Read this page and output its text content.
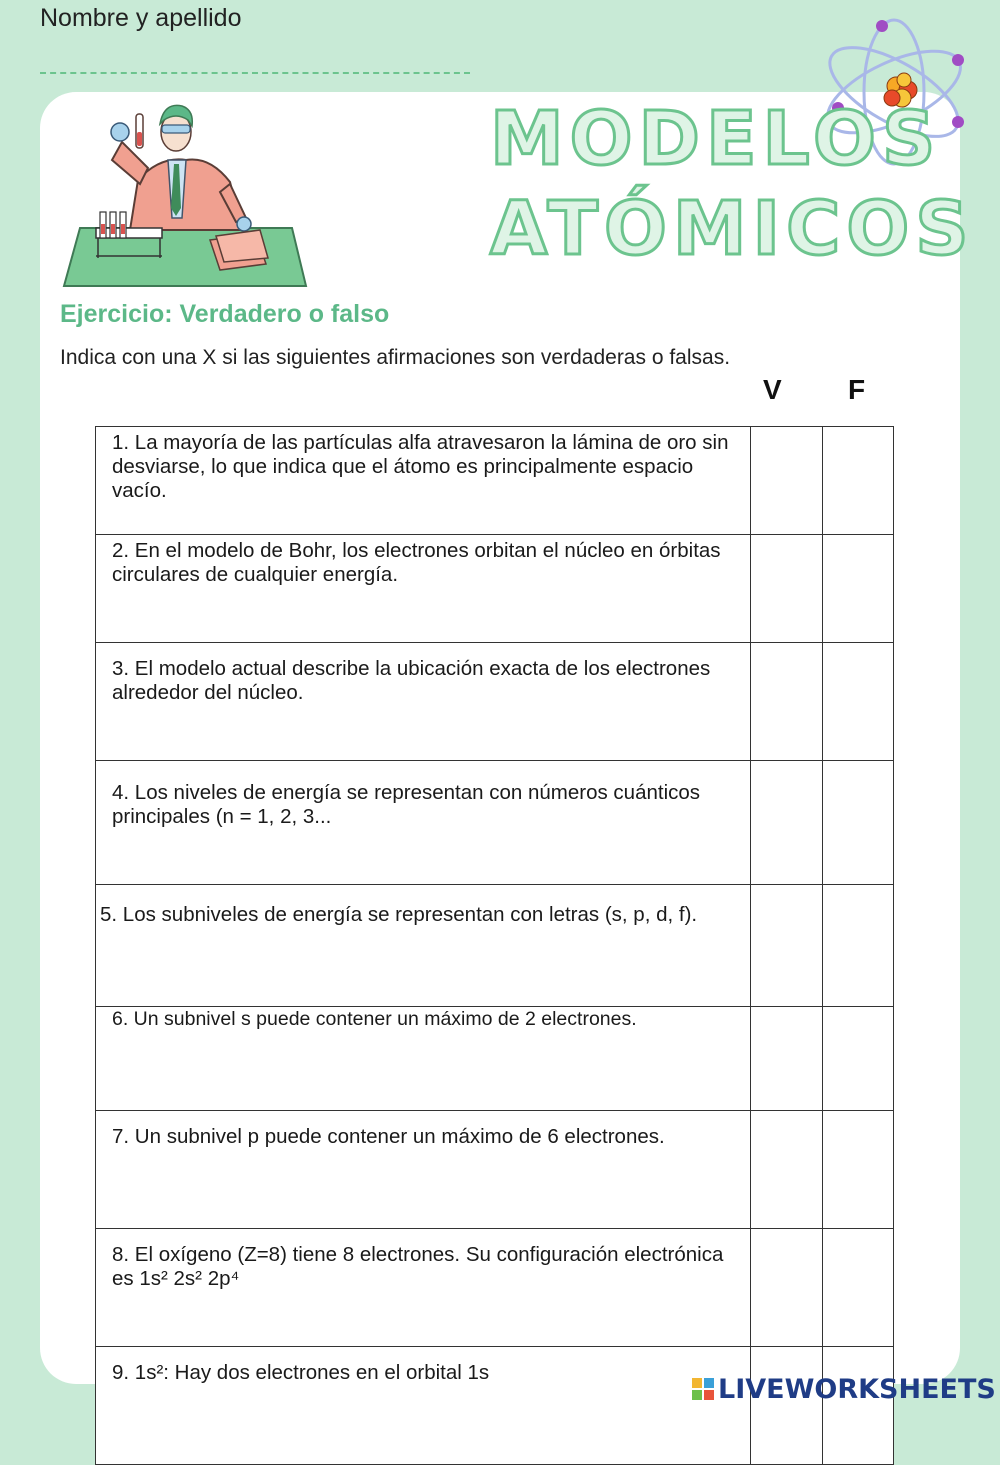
Nombre y apellido
MODELOS
ATÓMICOS
Ejercicio: Verdadero o falso
Indica con una X si las siguientes afirmaciones son verdaderas o falsas.
V F
1. La mayoría de las partículas alfa atravesaron la lámina de oro sin desviarse, lo que indica que el átomo es principalmente espacio vacío.		
2. En el modelo de Bohr, los electrones orbitan el núcleo en órbitas circulares de cualquier energía.		
3. El modelo actual describe la ubicación exacta de los electrones alrededor del núcleo.		
4. Los niveles de energía se representan con números cuánticos principales (n = 1, 2, 3...		
5. Los subniveles de energía se representan con letras (s, p, d, f).		
6. Un subnivel s puede contener un máximo de 2 electrones.		
7. Un subnivel p puede contener un máximo de 6 electrones.		
8. El oxígeno (Z=8) tiene 8 electrones. Su configuración electrónica es 1s² 2s² 2p⁴		
9. 1s²: Hay dos electrones en el orbital 1s		
LIVEWORKSHEETS
